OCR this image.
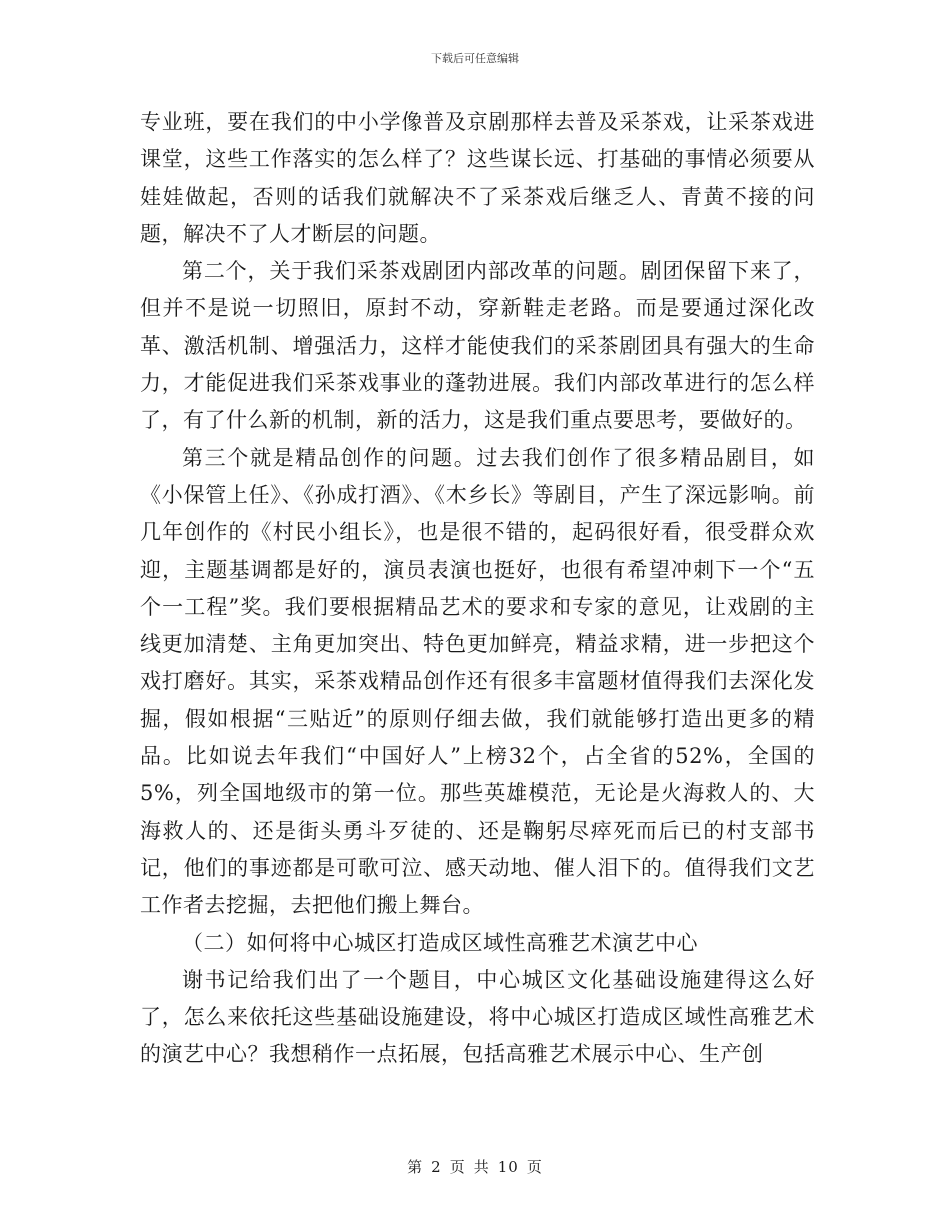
下载后可任意编辑

专业班，要在我们的中小学像普及京剧那样去普及采茶戏，让采茶戏进课堂，这些工作落实的怎么样了？这些谋长远、打基础的事情必须要从娃娃做起，否则的话我们就解决不了采茶戏后继乏人、青黄不接的问题，解决不了人才断层的问题。

第二个，关于我们采茶戏剧团内部改革的问题。剧团保留下来了，但并不是说一切照旧，原封不动，穿新鞋走老路。而是要通过深化改革、激活机制、增强活力，这样才能使我们的采茶剧团具有强大的生命力，才能促进我们采茶戏事业的蓬勃进展。我们内部改革进行的怎么样了，有了什么新的机制，新的活力，这是我们重点要思考，要做好的。

第三个就是精品创作的问题。过去我们创作了很多精品剧目，如《小保管上任》、《孙成打酒》、《木乡长》等剧目，产生了深远影响。前几年创作的《村民小组长》，也是很不错的，起码很好看，很受群众欢迎，主题基调都是好的，演员表演也挺好，也很有希望冲刺下一个“五个一工程”奖。我们要根据精品艺术的要求和专家的意见，让戏剧的主线更加清楚、主角更加突出、特色更加鲜亮，精益求精，进一步把这个戏打磨好。其实，采茶戏精品创作还有很多丰富题材值得我们去深化发掘，假如根据“三贴近”的原则仔细去做，我们就能够打造出更多的精品。比如说去年我们“中国好人”上榜32个，占全省的52%，全国的5%，列全国地级市的第一位。那些英雄模范，无论是火海救人的、大海救人的、还是街头勇斗歹徒的、还是鞠躬尽瘁死而后已的村支部书记，他们的事迹都是可歌可泣、感天动地、催人泪下的。值得我们文艺工作者去挖掘，去把他们搬上舞台。

（二）如何将中心城区打造成区域性高雅艺术演艺中心

谢书记给我们出了一个题目，中心城区文化基础设施建得这么好了，怎么来依托这些基础设施建设，将中心城区打造成区域性高雅艺术的演艺中心？我想稍作一点拓展，包括高雅艺术展示中心、生产创

第 2 页 共 10 页
